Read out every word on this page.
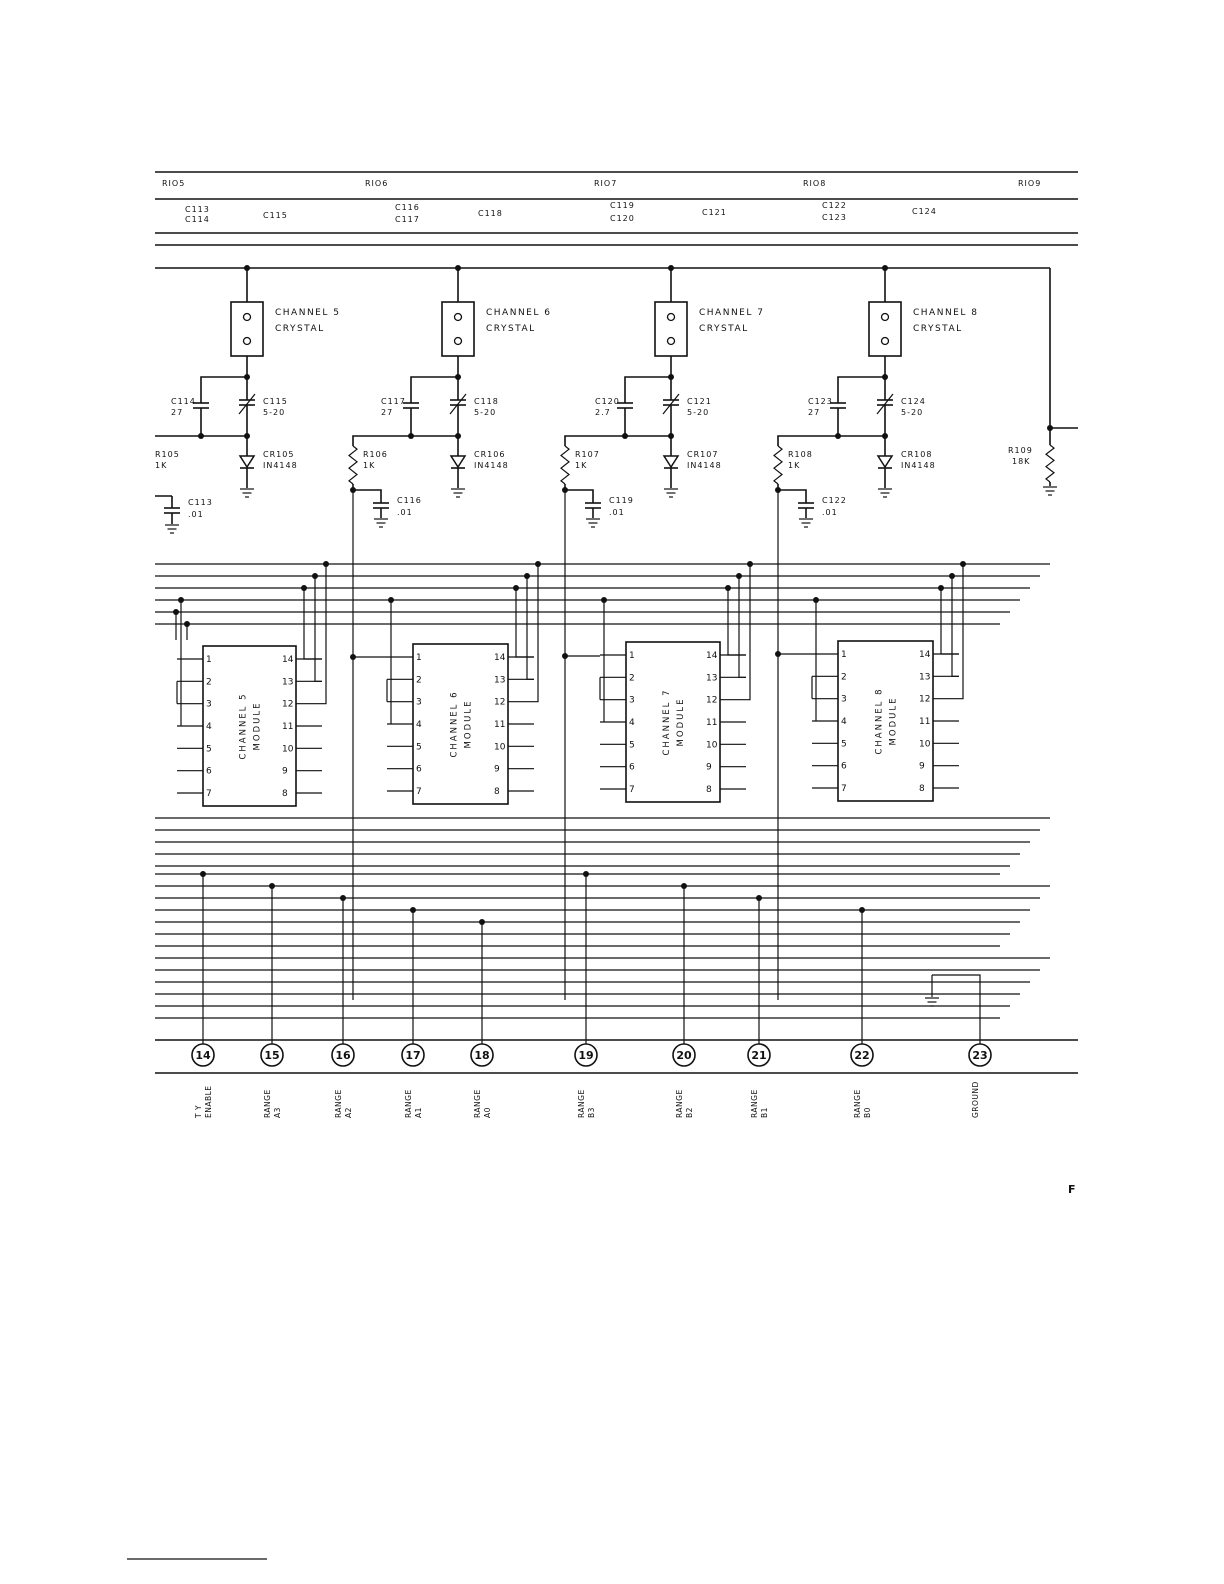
RIO5	RIO6	RIO7	RIO8	RIO9
C113
C114	C115
C116
C117
C118
C119
C120
C121
C122
C123
C124
CHANNEL 5
CRYSTAL
C114
27
C115
5-20
CR105
IN4148
R105
1K
C113
.01
CHANNEL 6
CRYSTAL
C117
27
C118
5-20
CR106
IN4148
R106
1K
C116
.01
CHANNEL 7
CRYSTAL
C120
2.7
C121
5-20
CR107
IN4148
R107
1K
C119
.01
CHANNEL 8
CRYSTAL
C123
27
C124
5-20
CR108
IN4148
R108
1K
C122
.01
R109
18K
CHANNEL 5 MODULE
1
2
3
4
5
6
7
14
13
12
11
10
9
8
CHANNEL 6 MODULE
1
2
3
4
5
6
7
14
13
12
11
10
9
8
CHANNEL 7 MODULE
1
2
3
4
5
6
7
14
13
12
11
10
9
8
CHANNEL 8 MODULE
1
2
3
4
5
6
7
14
13
12
11
10
9
8
14
T Y ENABLE
15
RANGE A3
16
RANGE A2
17
RANGE A1
18
RANGE A0
19
RANGE B3
20
RANGE B2
21
RANGE B1
22
RANGE B0
23
GROUND
F
